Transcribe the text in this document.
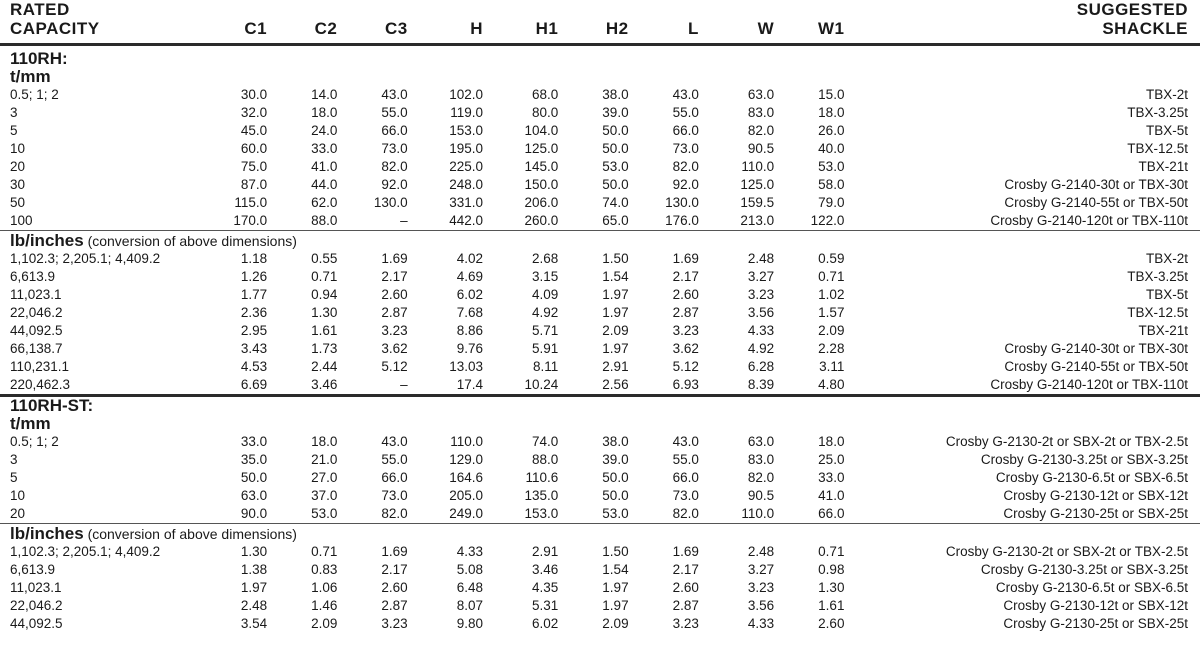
RATED
CAPACITY	C1	C2	C3	H	H1	H2	L	W	W1	SUGGESTED
SHACKLE
110RH:										
t/mm										
0.5; 1; 2	30.0	14.0	43.0	102.0	68.0	38.0	43.0	63.0	15.0	TBX-2t
3	32.0	18.0	55.0	119.0	80.0	39.0	55.0	83.0	18.0	TBX-3.25t
5	45.0	24.0	66.0	153.0	104.0	50.0	66.0	82.0	26.0	TBX-5t
10	60.0	33.0	73.0	195.0	125.0	50.0	73.0	90.5	40.0	TBX-12.5t
20	75.0	41.0	82.0	225.0	145.0	53.0	82.0	110.0	53.0	TBX-21t
30	87.0	44.0	92.0	248.0	150.0	50.0	92.0	125.0	58.0	Crosby G-2140-30t or TBX-30t
50	115.0	62.0	130.0	331.0	206.0	74.0	130.0	159.5	79.0	Crosby G-2140-55t or TBX-50t
100	170.0	88.0	–	442.0	260.0	65.0	176.0	213.0	122.0	Crosby G-2140-120t or TBX-110t
lb/inches (conversion of above dimensions)										
1,102.3; 2,205.1; 4,409.2	1.18	0.55	1.69	4.02	2.68	1.50	1.69	2.48	0.59	TBX-2t
6,613.9	1.26	0.71	2.17	4.69	3.15	1.54	2.17	3.27	0.71	TBX-3.25t
11,023.1	1.77	0.94	2.60	6.02	4.09	1.97	2.60	3.23	1.02	TBX-5t
22,046.2	2.36	1.30	2.87	7.68	4.92	1.97	2.87	3.56	1.57	TBX-12.5t
44,092.5	2.95	1.61	3.23	8.86	5.71	2.09	3.23	4.33	2.09	TBX-21t
66,138.7	3.43	1.73	3.62	9.76	5.91	1.97	3.62	4.92	2.28	Crosby G-2140-30t or TBX-30t
110,231.1	4.53	2.44	5.12	13.03	8.11	2.91	5.12	6.28	3.11	Crosby G-2140-55t or TBX-50t
220,462.3	6.69	3.46	–	17.4	10.24	2.56	6.93	8.39	4.80	Crosby G-2140-120t or TBX-110t
110RH-ST:										
t/mm										
0.5; 1; 2	33.0	18.0	43.0	110.0	74.0	38.0	43.0	63.0	18.0	Crosby G-2130-2t or SBX-2t or TBX-2.5t
3	35.0	21.0	55.0	129.0	88.0	39.0	55.0	83.0	25.0	Crosby G-2130-3.25t or SBX-3.25t
5	50.0	27.0	66.0	164.6	110.6	50.0	66.0	82.0	33.0	Crosby G-2130-6.5t or SBX-6.5t
10	63.0	37.0	73.0	205.0	135.0	50.0	73.0	90.5	41.0	Crosby G-2130-12t or SBX-12t
20	90.0	53.0	82.0	249.0	153.0	53.0	82.0	110.0	66.0	Crosby G-2130-25t or SBX-25t
lb/inches (conversion of above dimensions)										
1,102.3; 2,205.1; 4,409.2	1.30	0.71	1.69	4.33	2.91	1.50	1.69	2.48	0.71	Crosby G-2130-2t or SBX-2t or TBX-2.5t
6,613.9	1.38	0.83	2.17	5.08	3.46	1.54	2.17	3.27	0.98	Crosby G-2130-3.25t or SBX-3.25t
11,023.1	1.97	1.06	2.60	6.48	4.35	1.97	2.60	3.23	1.30	Crosby G-2130-6.5t or SBX-6.5t
22,046.2	2.48	1.46	2.87	8.07	5.31	1.97	2.87	3.56	1.61	Crosby G-2130-12t or SBX-12t
44,092.5	3.54	2.09	3.23	9.80	6.02	2.09	3.23	4.33	2.60	Crosby G-2130-25t or SBX-25t
